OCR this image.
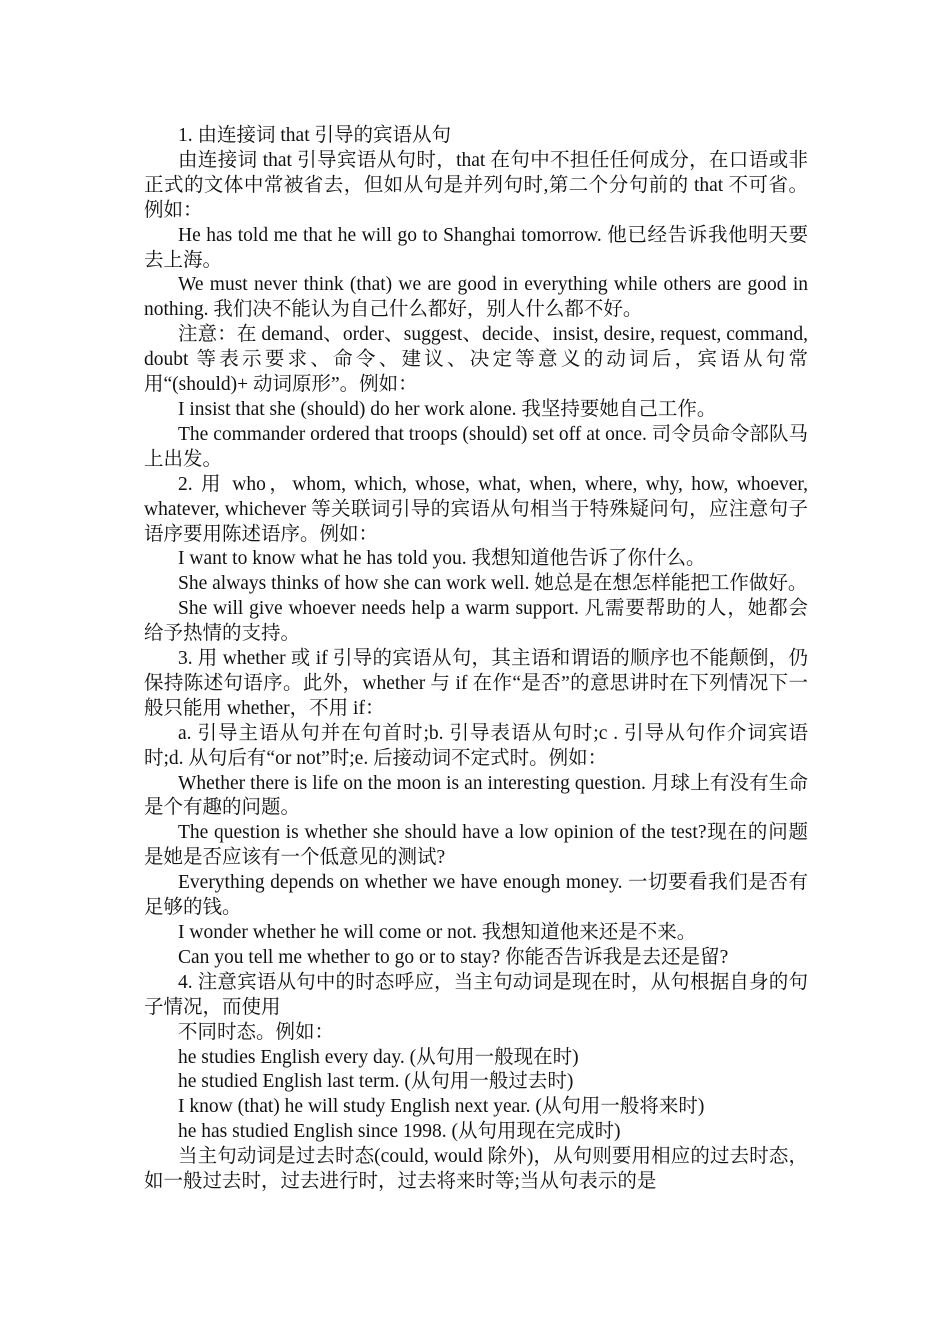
1. 由连接词 that 引导的宾语从句

由连接词 that 引导宾语从句时，that 在句中不担任任何成分，在口语或非正式的文体中常被省去，但如从句是并列句时,第二个分句前的 that 不可省。例如：

He has told me that he will go to Shanghai tomorrow. 他已经告诉我他明天要去上海。

We must never think (that) we are good in everything while others are good in nothing. 我们决不能认为自己什么都好，别人什么都不好。

注意：在 demand、order、suggest、decide、insist, desire, request, command, doubt 等表示要求、命令、建议、决定等意义的动词后，宾语从句常用“(should)+ 动词原形”。例如：

I insist that she (should) do her work alone. 我坚持要她自己工作。

The commander ordered that troops (should) set off at once. 司令员命令部队马上出发。

2. 用 who，whom, which, whose, what, when, where, why, how, whoever, whatever, whichever 等关联词引导的宾语从句相当于特殊疑问句，应注意句子语序要用陈述语序。例如：

I want to know what he has told you. 我想知道他告诉了你什么。

She always thinks of how she can work well. 她总是在想怎样能把工作做好。

She will give whoever needs help a warm support. 凡需要帮助的人，她都会给予热情的支持。

3. 用 whether 或 if 引导的宾语从句，其主语和谓语的顺序也不能颠倒，仍保持陈述句语序。此外，whether 与 if 在作“是否”的意思讲时在下列情况下一般只能用 whether，不用 if：

a. 引导主语从句并在句首时;b. 引导表语从句时;c . 引导从句作介词宾语时;d. 从句后有“or not”时;e. 后接动词不定式时。例如：

Whether there is life on the moon is an interesting question. 月球上有没有生命是个有趣的问题。

The question is whether she should have a low opinion of the test?现在的问题是她是否应该有一个低意见的测试?

Everything depends on whether we have enough money. 一切要看我们是否有足够的钱。

I wonder whether he will come or not. 我想知道他来还是不来。

Can you tell me whether to go or to stay? 你能否告诉我是去还是留?

4. 注意宾语从句中的时态呼应，当主句动词是现在时，从句根据自身的句子情况，而使用

不同时态。例如：

he studies English every day. (从句用一般现在时)

he studied English last term. (从句用一般过去时)

I know (that) he will study English next year. (从句用一般将来时)

he has studied English since 1998. (从句用现在完成时)

当主句动词是过去时态(could, would 除外)，从句则要用相应的过去时态，如一般过去时，过去进行时，过去将来时等;当从句表示的是
